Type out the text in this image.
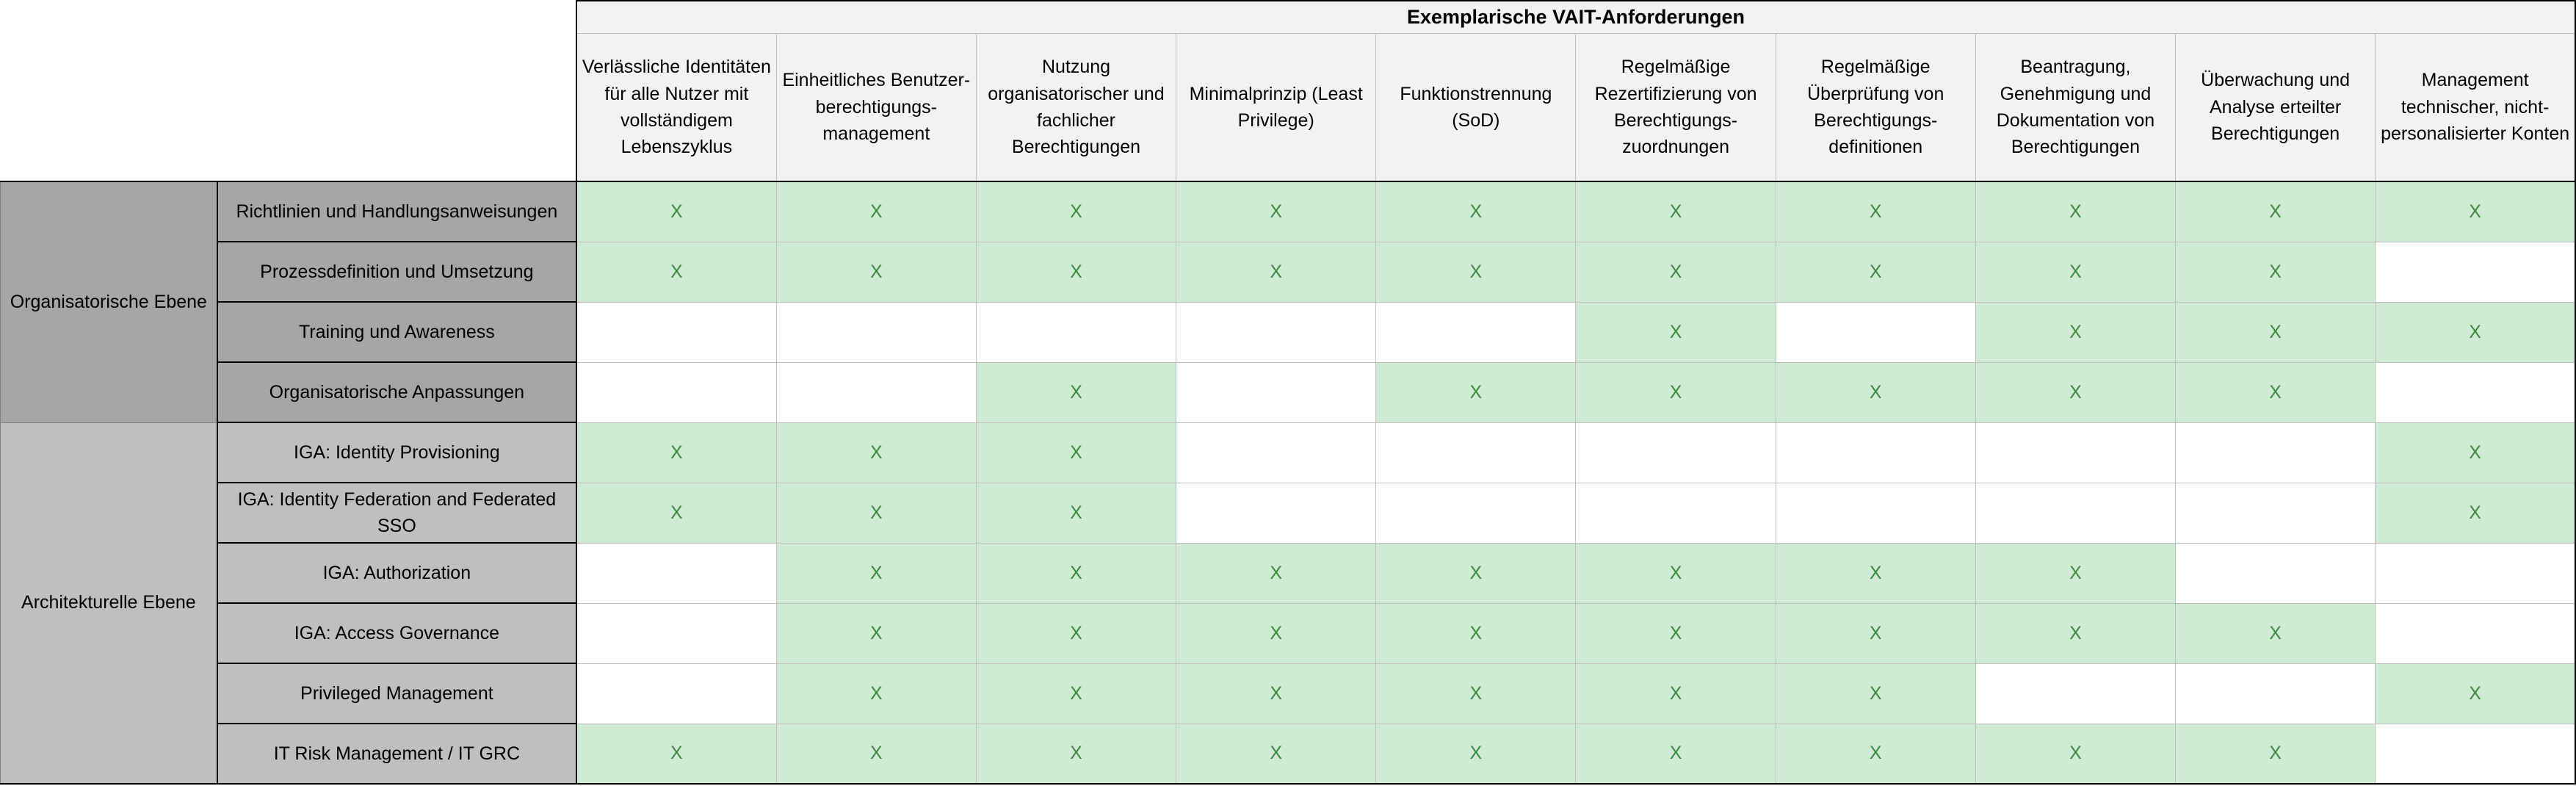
		Exemplarische VAIT-Anforderungen									
		Verlässliche Identitäten für alle Nutzer mit vollständigem Lebenszyklus	Einheitliches Benutzer-berechtigungs-management	Nutzung organisatorischer und fachlicher Berechtigungen	Minimalprinzip (Least Privilege)	Funktionstrennung (SoD)	Regelmäßige Rezertifizierung von Berechtigungs-zuordnungen	Regelmäßige Überprüfung von Berechtigungs-definitionen	Beantragung, Genehmigung und Dokumentation von Berechtigungen	Überwachung und Analyse erteilter Berechtigungen	Management technischer, nicht-personalisierter Konten
Organisatorische Ebene	Richtlinien und Handlungsanweisungen	X	X	X	X	X	X	X	X	X	X
	Prozessdefinition und Umsetzung	X	X	X	X	X	X	X	X	X	
	Training und Awareness						X		X	X	X
	Organisatorische Anpassungen			X		X	X	X	X	X	
Architekturelle Ebene	IGA: Identity Provisioning	X	X	X							X
	IGA: Identity Federation and Federated SSO	X	X	X							X
	IGA: Authorization		X	X	X	X	X	X	X		
	IGA: Access Governance		X	X	X	X	X	X	X	X	
	Privileged Management		X	X	X	X	X	X			X
	IT Risk Management / IT GRC	X	X	X	X	X	X	X	X	X	
